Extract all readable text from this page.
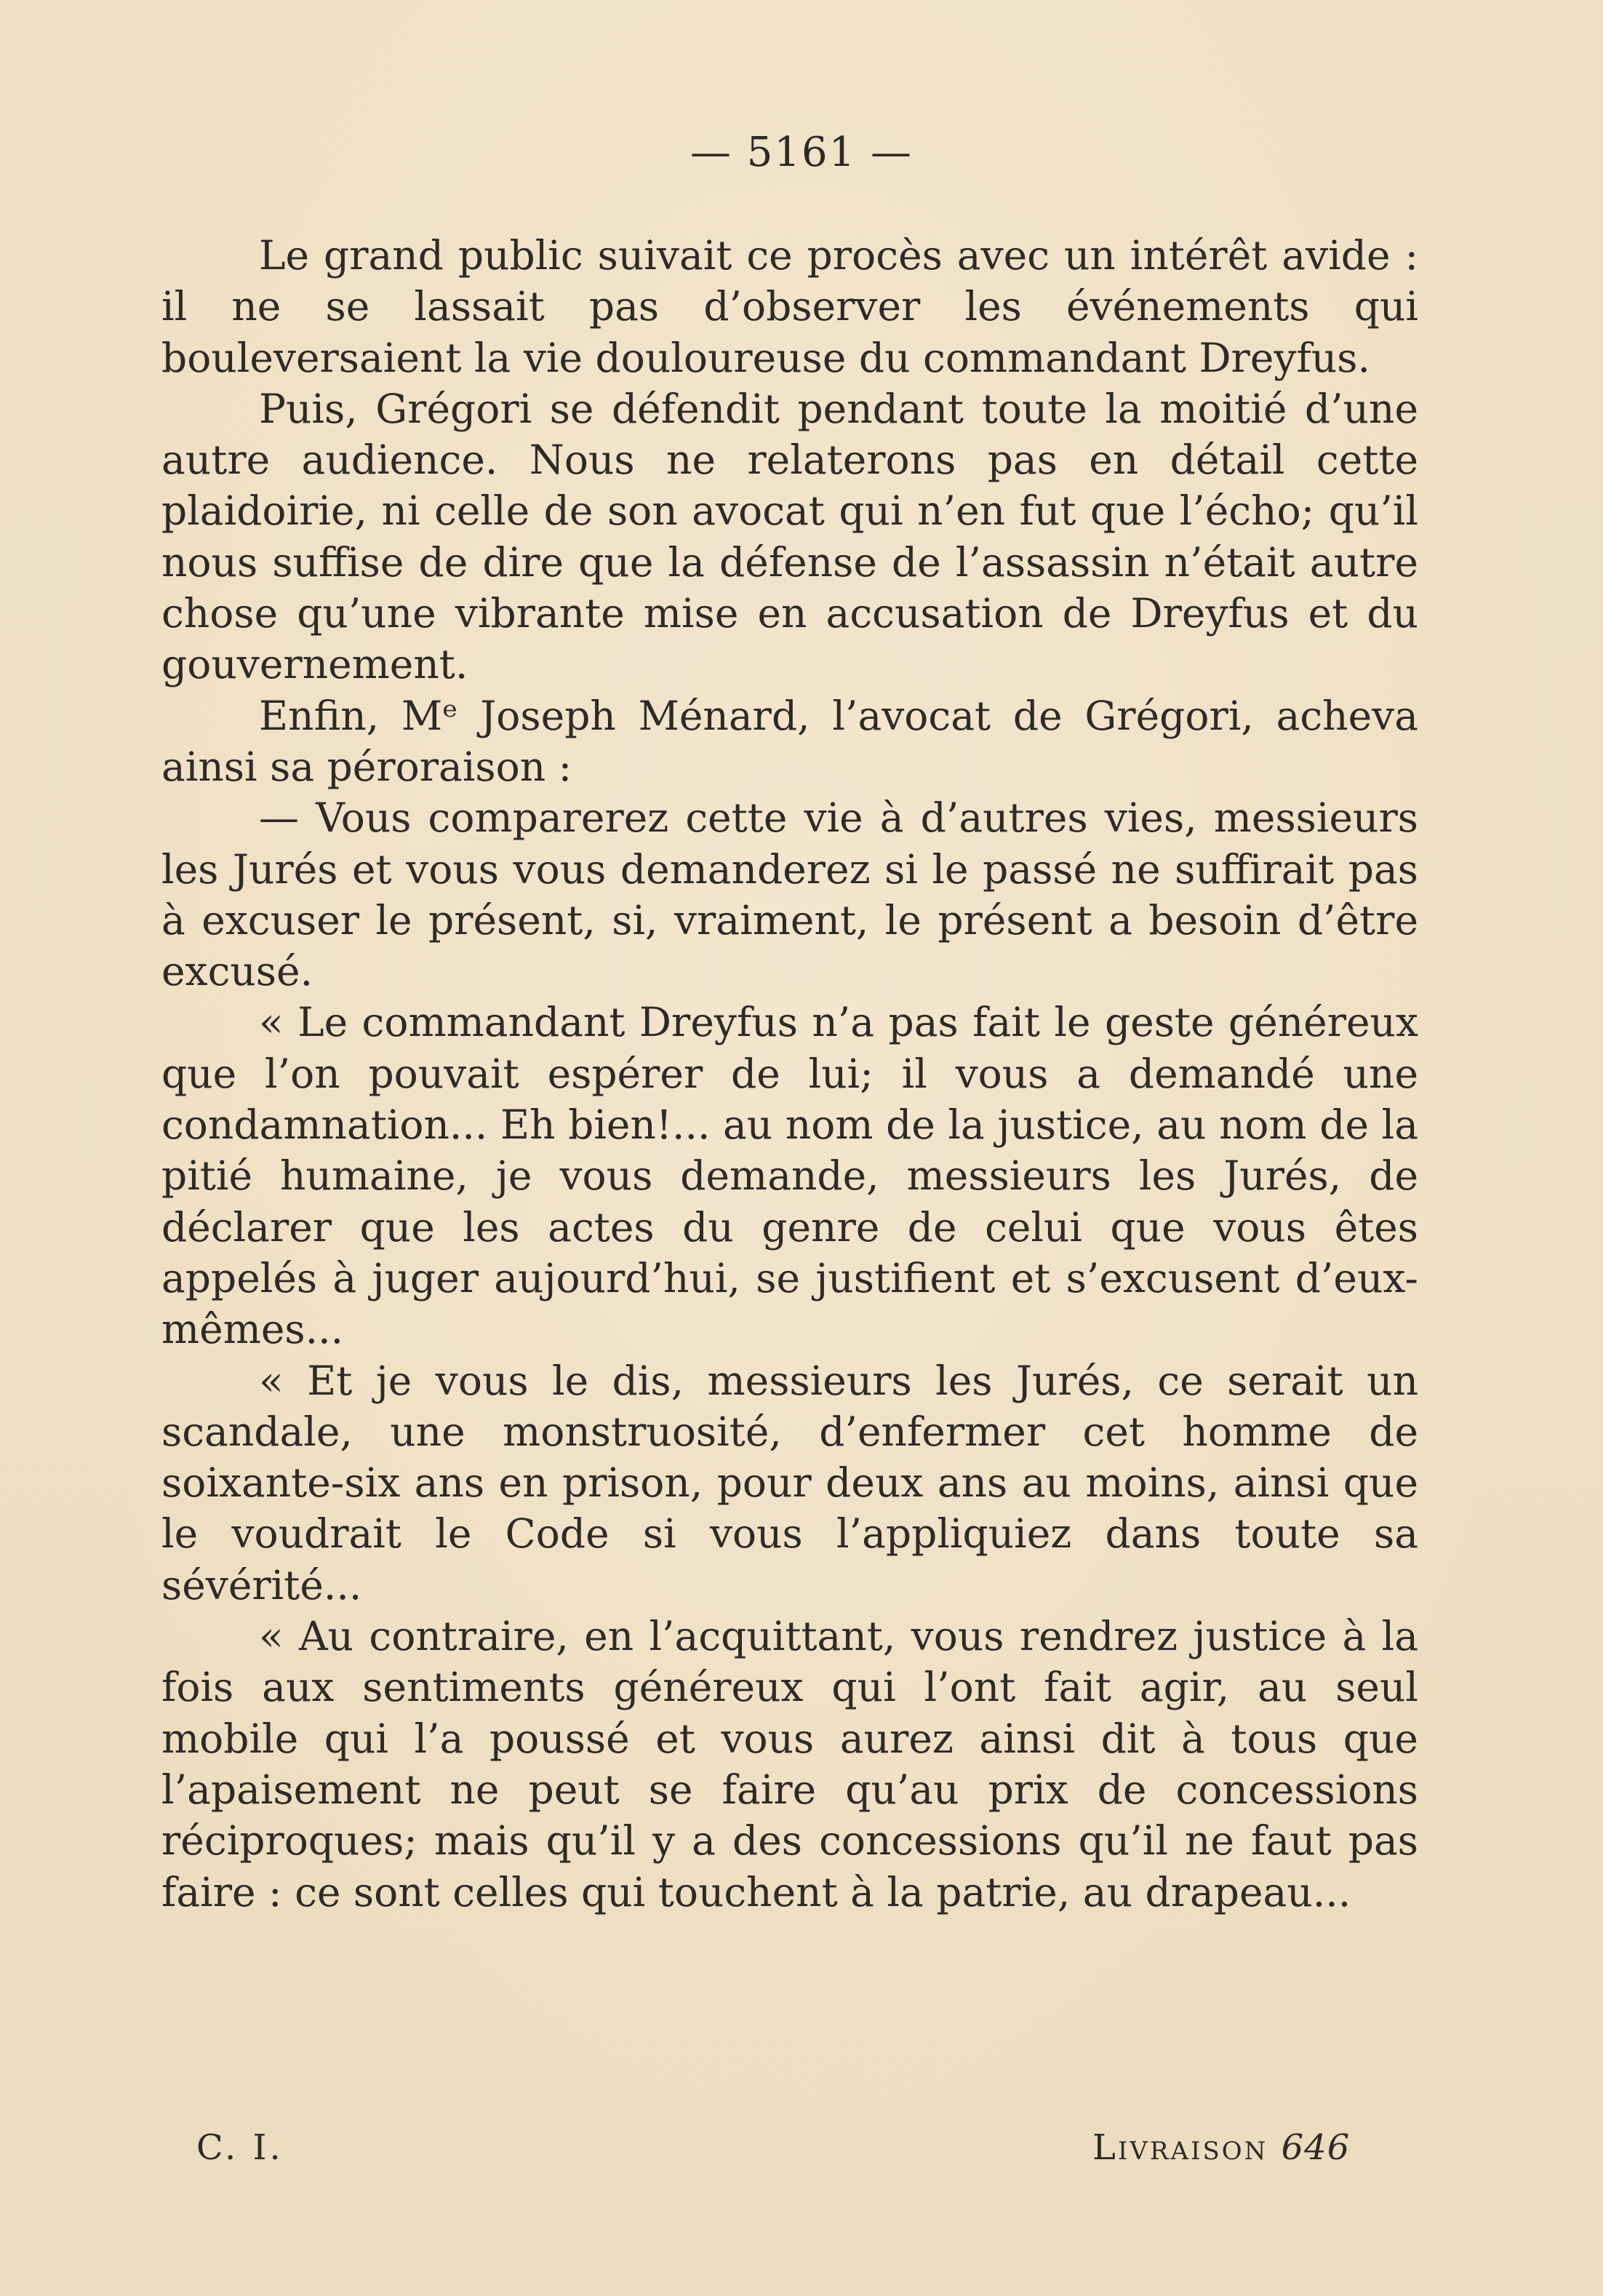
— 5161 —

Le grand public suivait ce procès avec un intérêt avide : il ne se lassait pas d’observer les événements qui bouleversaient la vie douloureuse du commandant Dreyfus.

Puis, Grégori se défendit pendant toute la moitié d’une autre audience. Nous ne relaterons pas en détail cette plaidoirie, ni celle de son avocat qui n’en fut que l’écho; qu’il nous suffise de dire que la défense de l’assassin n’était autre chose qu’une vibrante mise en accusation de Dreyfus et du gouvernement.

Enfin, Mᵉ Joseph Ménard, l’avocat de Grégori, acheva ainsi sa péroraison :

— Vous comparerez cette vie à d’autres vies, messieurs les Jurés et vous vous demanderez si le passé ne suffirait pas à excuser le présent, si, vraiment, le présent a besoin d’être excusé.

« Le commandant Dreyfus n’a pas fait le geste généreux que l’on pouvait espérer de lui; il vous a demandé une condamnation... Eh bien!... au nom de la justice, au nom de la pitié humaine, je vous demande, messieurs les Jurés, de déclarer que les actes du genre de celui que vous êtes appelés à juger aujourd’hui, se justifient et s’excusent d’eux-mêmes...

« Et je vous le dis, messieurs les Jurés, ce serait un scandale, une monstruosité, d’enfermer cet homme de soixante-six ans en prison, pour deux ans au moins, ainsi que le voudrait le Code si vous l’appliquiez dans toute sa sévérité...

« Au contraire, en l’acquittant, vous rendrez justice à la fois aux sentiments généreux qui l’ont fait agir, au seul mobile qui l’a poussé et vous aurez ainsi dit à tous que l’apaisement ne peut se faire qu’au prix de concessions réciproques; mais qu’il y a des concessions qu’il ne faut pas faire : ce sont celles qui touchent à la patrie, au drapeau...

C. I.	Livraison 646
